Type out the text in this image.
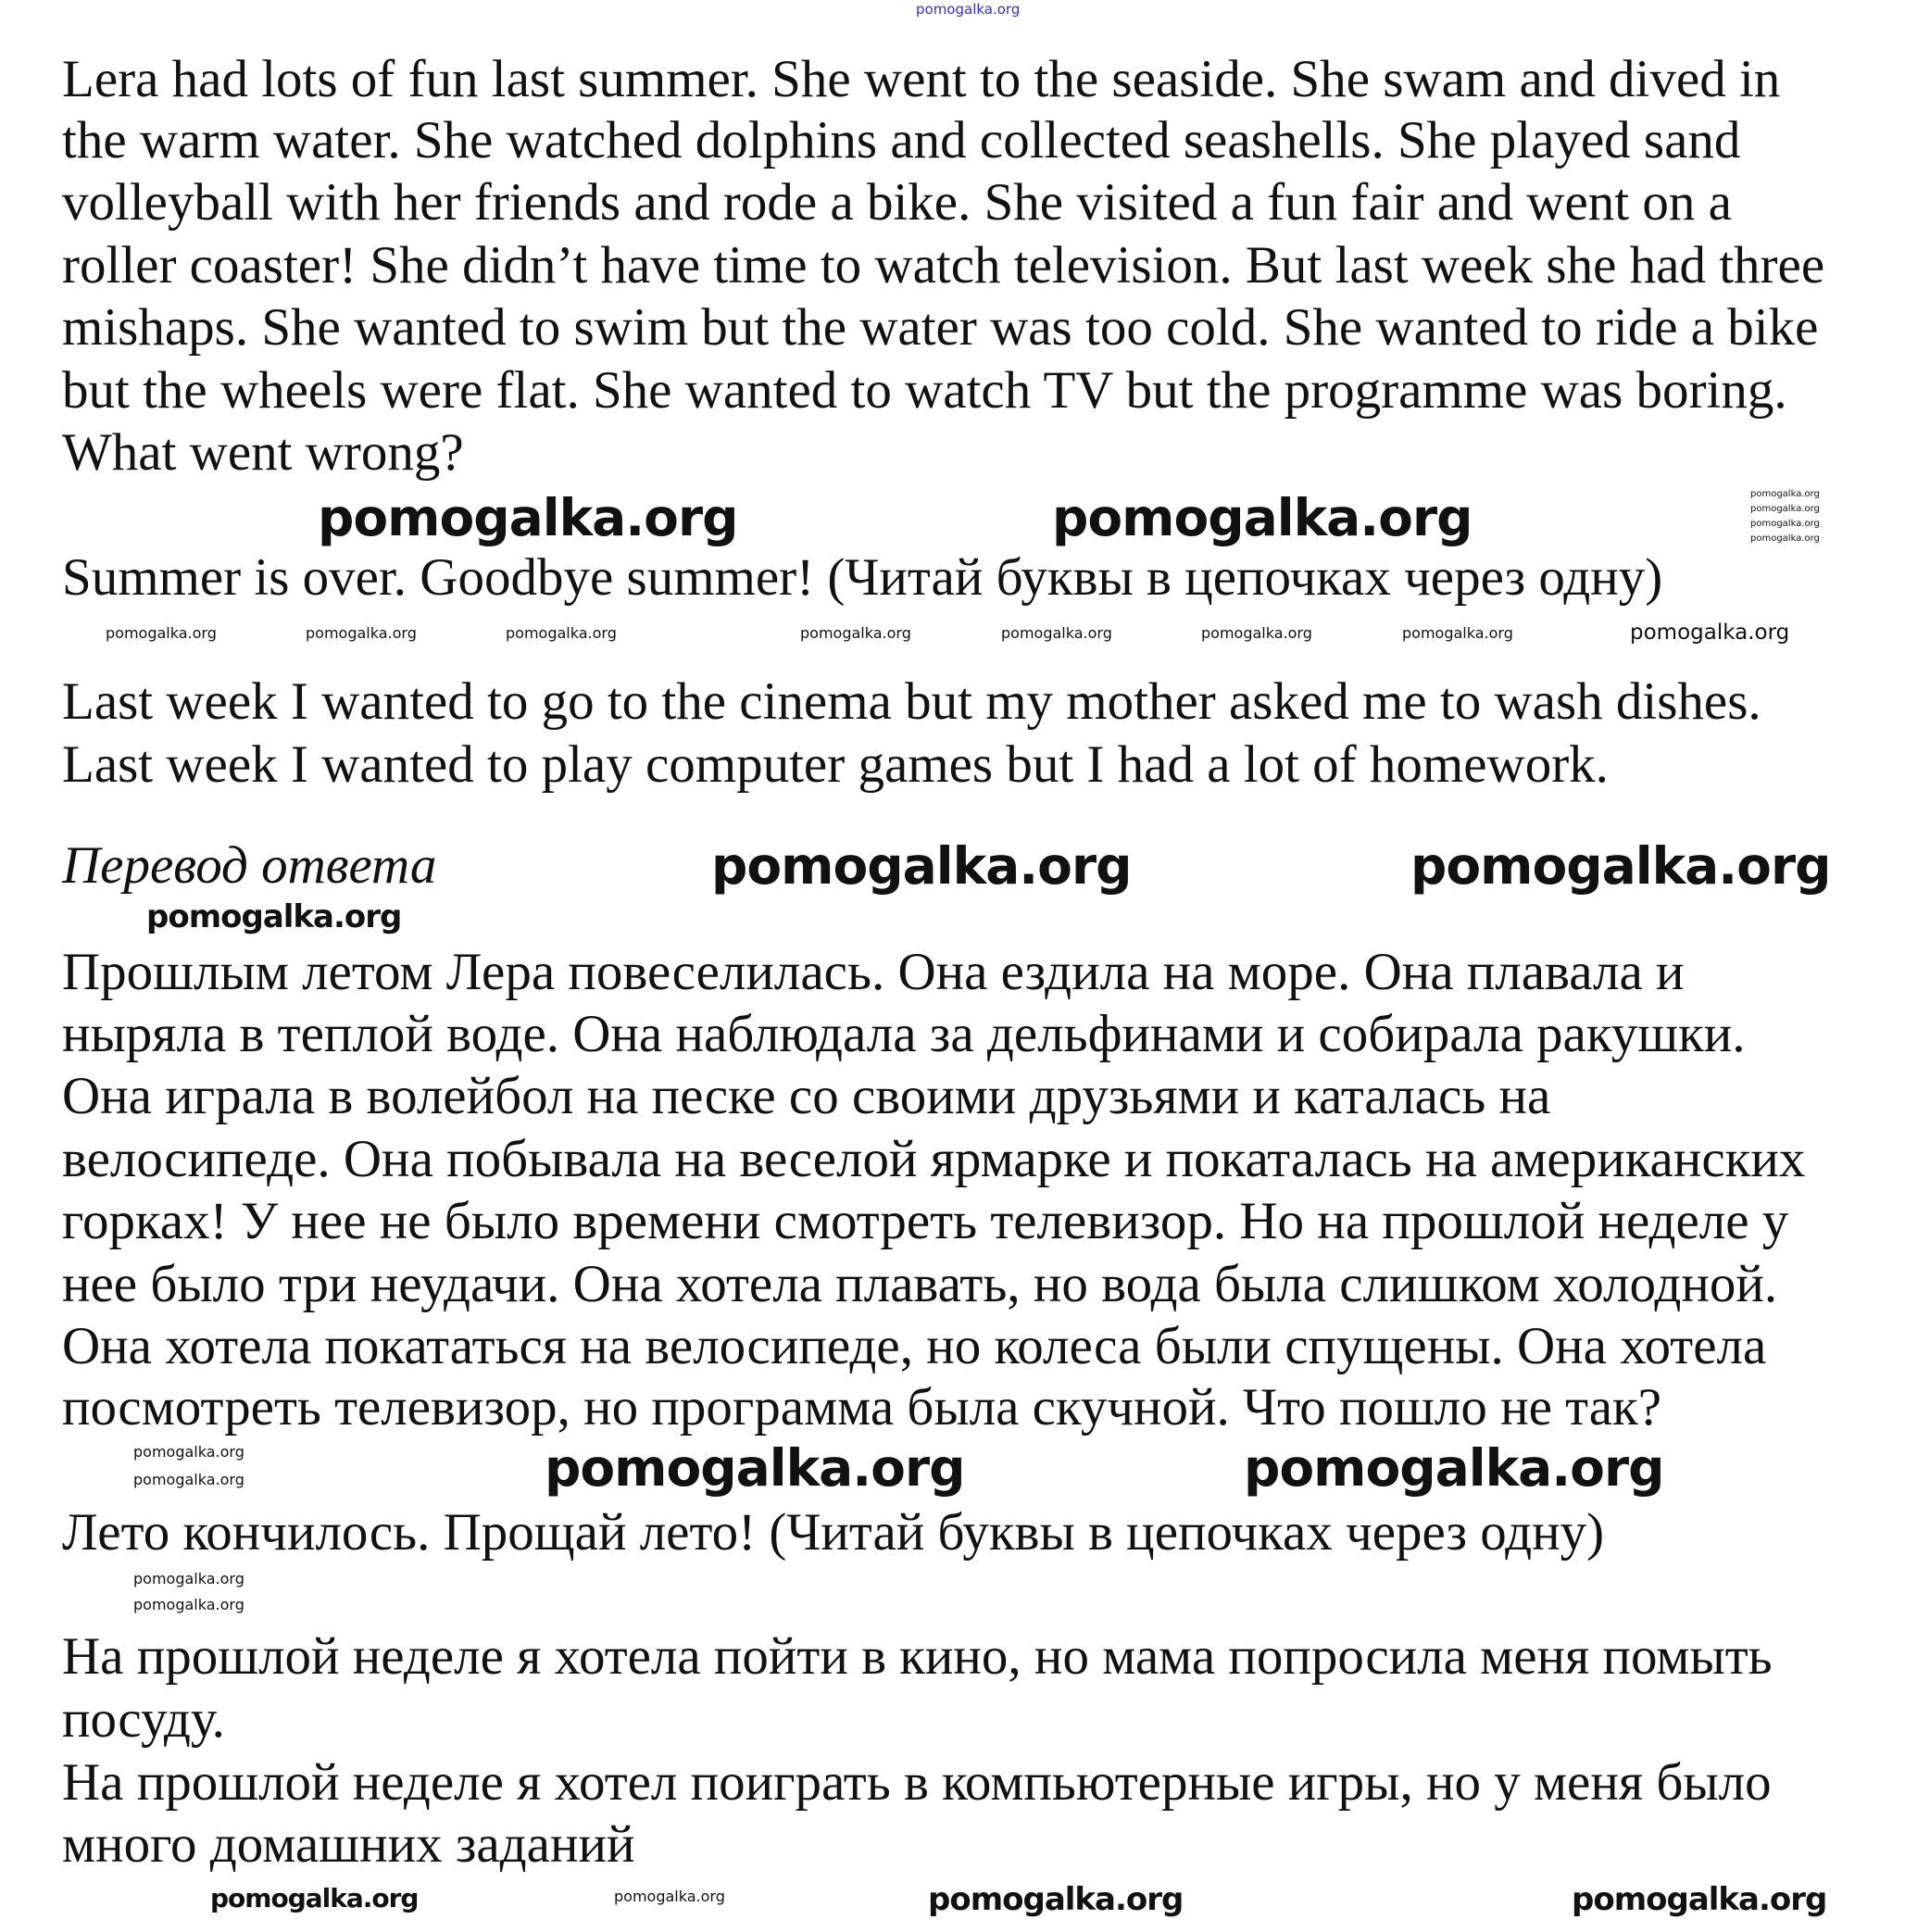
Lera had lots of fun last summer. She went to the seaside. She swam and dived in
the warm water. She watched dolphins and collected seashells. She played sand
volleyball with her friends and rode a bike. She visited a fun fair and went on a
roller coaster! She didn’t have time to watch television. But last week she had three
mishaps. She wanted to swim but the water was too cold. She wanted to ride a bike
but the wheels were flat. She wanted to watch TV but the programme was boring.
What went wrong?
Summer is over. Goodbye summer! (Читай буквы в цепочках через одну)
Last week I wanted to go to the cinema but my mother asked me to wash dishes.
Last week I wanted to play computer games but I had a lot of homework.
Перевод ответа
Прошлым летом Лера повеселилась. Она ездила на море. Она плавала и
ныряла в теплой воде. Она наблюдала за дельфинами и собирала ракушки.
Она играла в волейбол на песке со своими друзьями и каталась на
велосипеде. Она побывала на веселой ярмарке и покаталась на американских
горках! У нее не было времени смотреть телевизор. Но на прошлой неделе у
нее было три неудачи. Она хотела плавать, но вода была слишком холодной.
Она хотела покататься на велосипеде, но колеса были спущены. Она хотела
посмотреть телевизор, но программа была скучной. Что пошло не так?
Лето кончилось. Прощай лето! (Читай буквы в цепочках через одну)
На прошлой неделе я хотела пойти в кино, но мама попросила меня помыть
посуду.
На прошлой неделе я хотел поиграть в компьютерные игры, но у меня было
много домашних заданий
pomogalka.org
pomogalka.org	pomogalka.org	pomogalka.org
pomogalka.org
pomogalka.org
pomogalka.org
pomogalka.org	pomogalka.org	pomogalka.org	pomogalka.org	pomogalka.org	pomogalka.org	pomogalka.org	pomogalka.org
pomogalka.org	pomogalka.org
pomogalka.org
pomogalka.org
pomogalka.org	pomogalka.org	pomogalka.org
pomogalka.org
pomogalka.org
pomogalka.org	pomogalka.org	pomogalka.org	pomogalka.org
